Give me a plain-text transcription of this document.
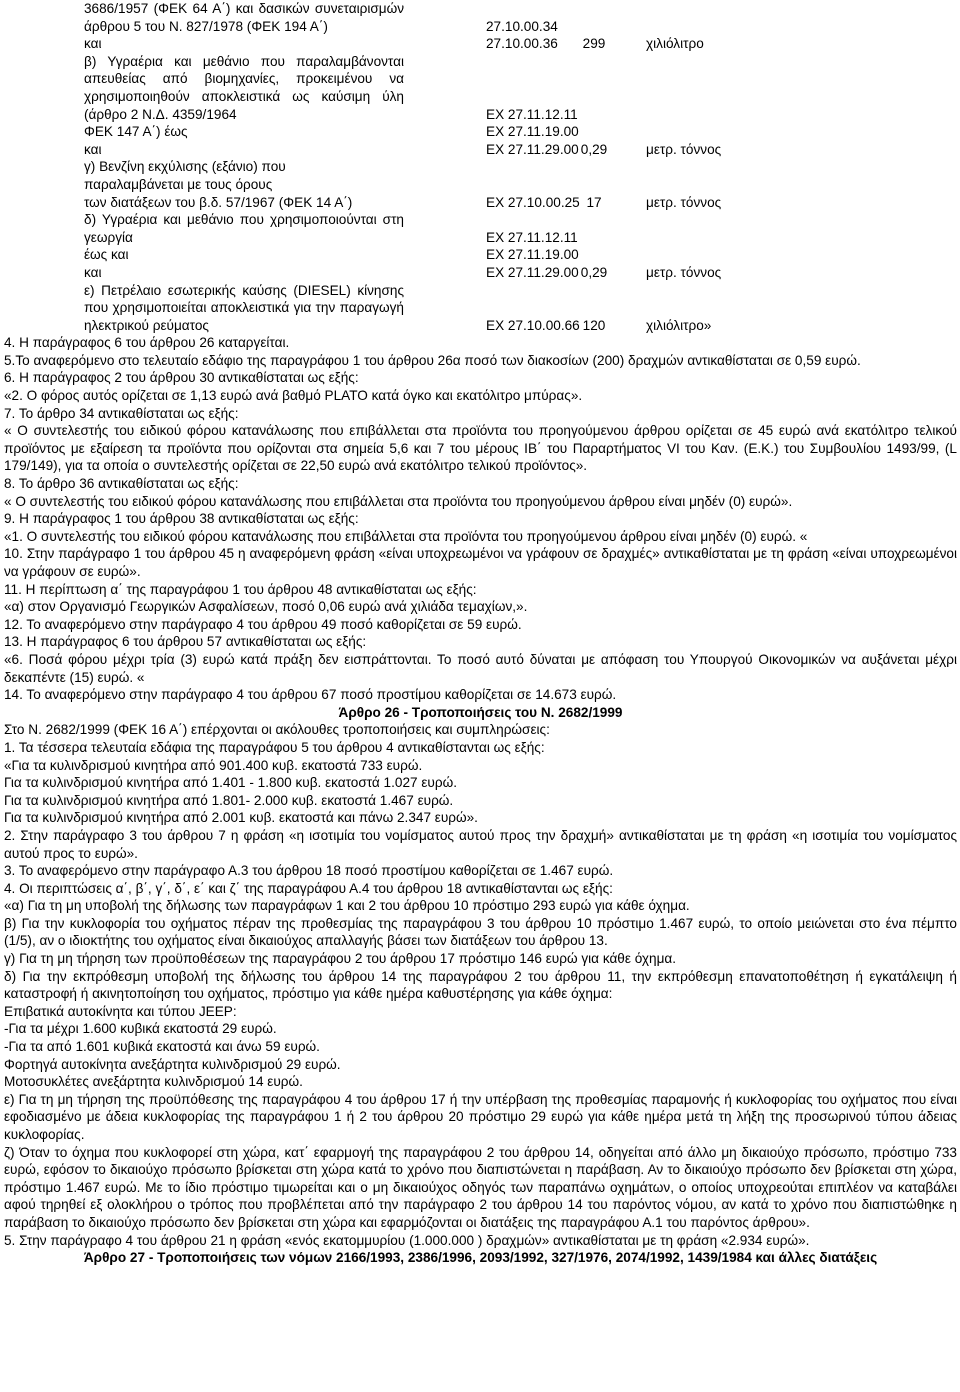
3686/1957 (ΦΕΚ 64 Α΄) και δασικών συνεταιρισμών
άρθρου 5 του Ν. 827/1978 (ΦΕΚ 194 Α΄)	27.10.00.34
και	27.10.00.36	299	χιλιόλιτρο
β) Υγραέρια και μεθάνιο που παραλαμβάνονται
απευθείας από βιομηχανίες, προκειμένου να
χρησιμοποιηθούν αποκλειστικά ως καύσιμη ύλη
(άρθρο 2 Ν.Δ. 4359/1964	ΕΧ 27.11.12.11
ΦΕΚ 147 Α΄) έως	ΕΧ 27.11.19.00
και	ΕΧ 27.11.29.00 0,29	μετρ. τόννος
γ) Βενζίνη εκχύλισης (εξάνιο) που
παραλαμβάνεται με τους όρους
των διατάξεων του β.δ. 57/1967 (ΦΕΚ 14 Α΄)	ΕΧ 27.10.00.25 17	μετρ. τόννος
δ) Υγραέρια και μεθάνιο που χρησιμοποιούνται στη
γεωργία	ΕΧ 27.11.12.11
έως και	ΕΧ 27.11.19.00
και	ΕΧ 27.11.29.00 0,29	μετρ. τόννος
ε) Πετρέλαιο εσωτερικής καύσης (DIESEL) κίνησης
που χρησιμοποιείται αποκλειστικά για την παραγωγή
ηλεκτρικού ρεύματος	ΕΧ 27.10.00.66 120	χιλιόλιτρο»

4. Η παράγραφος 6 του άρθρου 26 καταργείται.

5.Το αναφερόμενο στο τελευταίο εδάφιο της παραγράφου 1 του άρθρου 26α ποσό των διακοσίων (200) δραχμών αντικαθίσταται σε 0,59 ευρώ.

6. Η παράγραφος 2 του άρθρου 30 αντικαθίσταται ως εξής:

«2. Ο φόρος αυτός ορίζεται σε 1,13 ευρώ ανά βαθμό PLATO κατά όγκο και εκατόλιτρο μπύρας».

7. Το άρθρο 34 αντικαθίσταται ως εξής:

« Ο συντελεστής του ειδικού φόρου κατανάλωσης που επιβάλλεται στα προϊόντα του προηγούμενου άρθρου ορίζεται σε 45 ευρώ ανά εκατόλιτρο τελικού προϊόντος με εξαίρεση τα προϊόντα που ορίζονται στα σημεία 5,6 και 7 του μέρους ΙΒ΄ του Παραρτήματος VI του Καν. (Ε.Κ.) του Συμβουλίου 1493/99, (L 179/149), για τα οποία ο συντελεστής ορίζεται σε 22,50 ευρώ ανά εκατόλιτρο τελικού προϊόντος».

8. Το άρθρο 36 αντικαθίσταται ως εξής:

« Ο συντελεστής του ειδικού φόρου κατανάλωσης που επιβάλλεται στα προϊόντα του προηγούμενου άρθρου είναι μηδέν (0) ευρώ».

9. Η παράγραφος 1 του άρθρου 38 αντικαθίσταται ως εξής:

«1. Ο συντελεστής του ειδικού φόρου κατανάλωσης που επιβάλλεται στα προϊόντα του προηγούμενου άρθρου είναι μηδέν (0) ευρώ. «

10. Στην παράγραφο 1 του άρθρου 45 η αναφερόμενη φράση «είναι υποχρεωμένοι να γράφουν σε δραχμές» αντικαθίσταται με τη φράση «είναι υποχρεωμένοι να γράφουν σε ευρώ».

11. Η περίπτωση α΄ της παραγράφου 1 του άρθρου 48 αντικαθίσταται ως εξής:

«α) στον Οργανισμό Γεωργικών Ασφαλίσεων, ποσό 0,06 ευρώ ανά χιλιάδα τεμαχίων,».

12. Το αναφερόμενο στην παράγραφο 4 του άρθρου 49 ποσό καθορίζεται σε 59 ευρώ.

13. Η παράγραφος 6 του άρθρου 57 αντικαθίσταται ως εξής:

«6. Ποσά φόρου μέχρι τρία (3) ευρώ κατά πράξη δεν εισπράττονται. Το ποσό αυτό δύναται με απόφαση του Υπουργού Οικονομικών να αυξάνεται μέχρι δεκαπέντε (15) ευρώ. «

14. Το αναφερόμενο στην παράγραφο 4 του άρθρου 67 ποσό προστίμου καθορίζεται σε 14.673 ευρώ.

Άρθρο 26 - Τροποποιήσεις του Ν. 2682/1999

Στο Ν. 2682/1999 (ΦΕΚ 16 Α΄) επέρχονται οι ακόλουθες τροποποιήσεις και συμπληρώσεις:

1. Τα τέσσερα τελευταία εδάφια της παραγράφου 5 του άρθρου 4 αντικαθίστανται ως εξής:

«Για τα κυλινδρισμού κινητήρα από 901.400 κυβ. εκατοστά 733 ευρώ.

Για τα κυλινδρισμού κινητήρα από 1.401 - 1.800 κυβ. εκατοστά 1.027 ευρώ.

Για τα κυλινδρισμού κινητήρα από 1.801- 2.000 κυβ. εκατοστά 1.467 ευρώ.

Για τα κυλινδρισμού κινητήρα από 2.001 κυβ. εκατοστά και πάνω 2.347 ευρώ».

2. Στην παράγραφο 3 του άρθρου 7 η φράση «η ισοτιμία του νομίσματος αυτού προς την δραχμή» αντικαθίσταται με τη φράση «η ισοτιμία του νομίσματος αυτού προς το ευρώ».

3. Το αναφερόμενο στην παράγραφο Α.3 του άρθρου 18 ποσό προστίμου καθορίζεται σε 1.467 ευρώ.

4. Οι περιπτώσεις α΄, β΄, γ΄, δ΄, ε΄ και ζ΄ της παραγράφου Α.4 του άρθρου 18 αντικαθίστανται ως εξής:

«α) Για τη μη υποβολή της δήλωσης των παραγράφων 1 και 2 του άρθρου 10 πρόστιμο 293 ευρώ για κάθε όχημα.

β) Για την κυκλοφορία του οχήματος πέραν της προθεσμίας της παραγράφου 3 του άρθρου 10 πρόστιμο 1.467 ευρώ, το οποίο μειώνεται στο ένα πέμπτο (1/5), αν ο ιδιοκτήτης του οχήματος είναι δικαιούχος απαλλαγής βάσει των διατάξεων του άρθρου 13.

γ) Για τη μη τήρηση των προϋποθέσεων της παραγράφου 2 του άρθρου 17 πρόστιμο 146 ευρώ για κάθε όχημα.

δ) Για την εκπρόθεσμη υποβολή της δήλωσης του άρθρου 14 της παραγράφου 2 του άρθρου 11, την εκπρόθεσμη επανατοποθέτηση ή εγκατάλειψη ή καταστροφή ή ακινητοποίηση του οχήματος, πρόστιμο για κάθε ημέρα καθυστέρησης για κάθε όχημα:

Επιβατικά αυτοκίνητα και τύπου JEEP:

-Για τα μέχρι 1.600 κυβικά εκατοστά 29 ευρώ.

-Για τα από 1.601 κυβικά εκατοστά και άνω 59 ευρώ.

Φορτηγά αυτοκίνητα ανεξάρτητα κυλινδρισμού 29 ευρώ.

Μοτοσυκλέτες ανεξάρτητα κυλινδρισμού 14 ευρώ.

ε) Για τη μη τήρηση της προϋπόθεσης της παραγράφου 4 του άρθρου 17 ή την υπέρβαση της προθεσμίας παραμονής ή κυκλοφορίας του οχήματος που είναι εφοδιασμένο με άδεια κυκλοφορίας της παραγράφου 1 ή 2 του άρθρου 20 πρόστιμο 29 ευρώ για κάθε ημέρα μετά τη λήξη της προσωρινού τύπου άδειας κυκλοφορίας.

ζ) Όταν το όχημα που κυκλοφορεί στη χώρα, κατ΄ εφαρμογή της παραγράφου 2 του άρθρου 14, οδηγείται από άλλο μη δικαιούχο πρόσωπο, πρόστιμο 733 ευρώ, εφόσον το δικαιούχο πρόσωπο βρίσκεται στη χώρα κατά το χρόνο που διαπιστώνεται η παράβαση. Αν το δικαιούχο πρόσωπο δεν βρίσκεται στη χώρα, πρόστιμο 1.467 ευρώ. Με το ίδιο πρόστιμο τιμωρείται και ο μη δικαιούχος οδηγός των παραπάνω οχημάτων, ο οποίος υποχρεούται επιπλέον να καταβάλει αφού τηρηθεί εξ ολοκλήρου ο τρόπος που προβλέπεται από την παράγραφο 2 του άρθρου 14 του παρόντος νόμου, αν κατά το χρόνο που διαπιστώθηκε η παράβαση το δικαιούχο πρόσωπο δεν βρίσκεται στη χώρα και εφαρμόζονται οι διατάξεις της παραγράφου Α.1 του παρόντος άρθρου».

5. Στην παράγραφο 4 του άρθρου 21 η φράση «ενός εκατομμυρίου (1.000.000 ) δραχμών» αντικαθίσταται με τη φράση «2.934 ευρώ».

Άρθρο 27 - Τροποποιήσεις των νόμων 2166/1993, 2386/1996, 2093/1992, 327/1976, 2074/1992, 1439/1984 και άλλες διατάξεις
